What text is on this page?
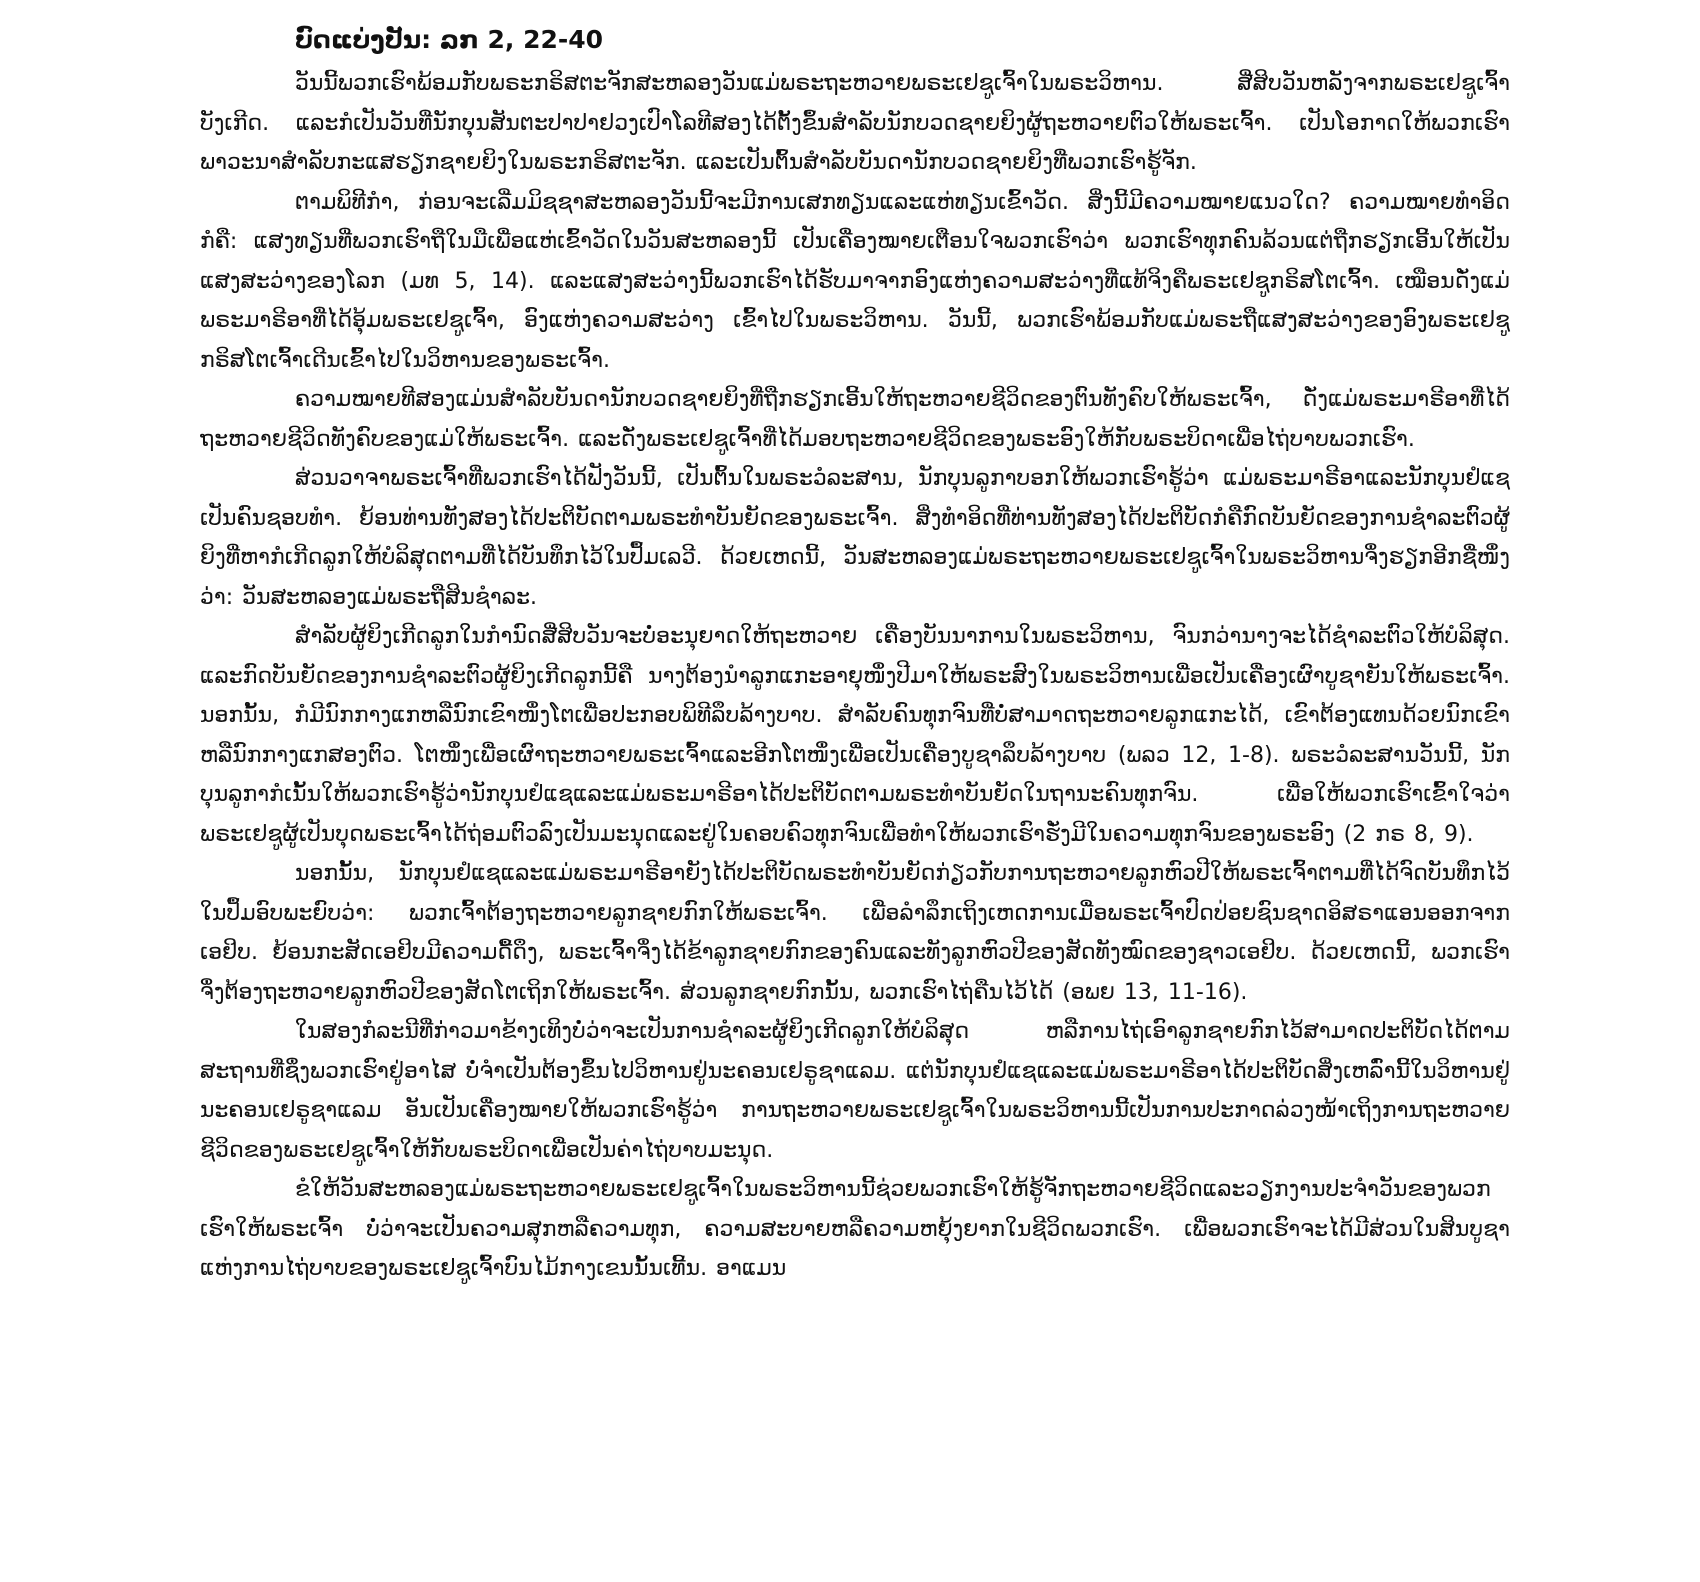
ບົດແບ່ງປັນ: ລກ 2, 22-40

ວັນນີ້ພວກເຮົາພ້ອມກັບພຣະກຣິສຕະຈັກສະຫລອງວັນແມ່ພຣະຖະຫວາຍພຣະເຢຊູເຈົ້າໃນພຣະວິຫານ. ສີ່ສິບວັນຫລັງຈາກພຣະເຢຊູເຈົ້າບັງເກີດ. ແລະກໍເປັນວັນທີ່ນັກບຸນສັນຕະປາປາຢວງເປົາໂລທີສອງໄດ້ຕັ້ງຂຶ້ນສຳລັບນັກບວດຊາຍຍິງຜູ້ຖະຫວາຍຕົວໃຫ້ພຣະເຈົ້າ. ເປັນໂອກາດໃຫ້ພວກເຮົາພາວະນາສຳລັບກະແສຮຽກຊາຍຍິງໃນພຣະກຣິສຕະຈັກ. ແລະເປັນຕົ້ນສຳລັບບັນດານັກບວດຊາຍຍິງທີ່ພວກເຮົາຮູ້ຈັກ.

ຕາມພິທີກຳ, ກ່ອນຈະເລີ່ມມິຊຊາສະຫລອງວັນນີ້ຈະມີການເສກທຽນແລະແຫ່ທຽນເຂົ້າວັດ. ສິ່ງນີ້ມີຄວາມໝາຍແນວໃດ? ຄວາມໝາຍທຳອິດກໍຄື: ແສງທຽນທີ່ພວກເຮົາຖືໃນມືເພື່ອແຫ່ເຂົ້າວັດໃນວັນສະຫລອງນີ້ ເປັນເຄື່ອງໝາຍເຕືອນໃຈພວກເຮົາວ່າ ພວກເຮົາທຸກຄົນລ້ວນແຕ່ຖືກຮຽກເອີ້ນໃຫ້ເປັນແສງສະວ່າງຂອງໂລກ (ມທ 5, 14). ແລະແສງສະວ່າງນີ້ພວກເຮົາໄດ້ຮັບມາຈາກອົງແຫ່ງຄວາມສະວ່າງທີ່ແທ້ຈິງຄືພຣະເຢຊູກຣິສໂຕເຈົ້າ. ເໝືອນດັ່ງແມ່ພຣະມາຣີອາທີ່ໄດ້ອຸ້ມພຣະເຢຊູເຈົ້າ, ອົງແຫ່ງຄວາມສະວ່າງ ເຂົ້າໄປໃນພຣະວິຫານ. ວັນນີ້, ພວກເຮົາພ້ອມກັບແມ່ພຣະຖືແສງສະວ່າງຂອງອົງພຣະເຢຊູກຣິສໂຕເຈົ້າເດີນເຂົ້າໄປໃນວິຫານຂອງພຣະເຈົ້າ.

ຄວາມໝາຍທີສອງແມ່ນສຳລັບບັນດານັກບວດຊາຍຍິງທີ່ຖືກຮຽກເອີ້ນໃຫ້ຖະຫວາຍຊີວິດຂອງຕົນທັງຄົບໃຫ້ພຣະເຈົ້າ, ດັ່ງແມ່ພຣະມາຣີອາທີ່ໄດ້ຖະຫວາຍຊີວິດທັງຄົບຂອງແມ່ໃຫ້ພຣະເຈົ້າ. ແລະດັ່ງພຣະເຢຊູເຈົ້າທີ່ໄດ້ມອບຖະຫວາຍຊີວິດຂອງພຣະອົງໃຫ້ກັບພຣະບິດາເພື່ອໄຖ່ບາບພວກເຮົາ.

ສ່ວນວາຈາພຣະເຈົ້າທີ່ພວກເຮົາໄດ້ຟັງວັນນີ້, ເປັນຕົ້ນໃນພຣະວໍລະສານ, ນັກບຸນລູກາບອກໃຫ້ພວກເຮົາຮູ້ວ່າ ແມ່ພຣະມາຣີອາແລະນັກບຸນຢໍແຊເປັນຄົນຊອບທຳ. ຍ້ອນທ່ານທັງສອງໄດ້ປະຕິບັດຕາມພຣະທຳບັນຍັດຂອງພຣະເຈົ້າ. ສິ່ງທຳອິດທີ່ທ່ານທັງສອງໄດ້ປະຕິບັດກໍຄືກົດບັນຍັດຂອງການຊຳລະຕົວຜູ້ຍິງທີ່ຫາກໍເກີດລູກໃຫ້ບໍລິສຸດຕາມທີ່ໄດ້ບັນທຶກໄວ້ໃນປຶ້ມເລວີ. ດ້ວຍເຫດນີ້, ວັນສະຫລອງແມ່ພຣະຖະຫວາຍພຣະເຢຊູເຈົ້າໃນພຣະວິຫານຈຶ່ງຮຽກອີກຊື່ໜຶ່ງວ່າ: ວັນສະຫລອງແມ່ພຣະຖືສິນຊຳລະ.

ສຳລັບຜູ້ຍິງເກີດລູກໃນກຳນົດສີ່ສິບວັນຈະບໍ່ອະນຸຍາດໃຫ້ຖະຫວາຍ ເຄື່ອງບັນນາການໃນພຣະວິຫານ, ຈົນກວ່ານາງຈະໄດ້ຊຳລະຕົວໃຫ້ບໍລິສຸດ. ແລະກົດບັນຍັດຂອງການຊຳລະຕົວຜູ້ຍິງເກີດລູກນີ້ຄື ນາງຕ້ອງນຳລູກແກະອາຍຸໜຶ່ງປີມາໃຫ້ພຣະສົງໃນພຣະວິຫານເພື່ອເປັນເຄື່ອງເຜົາບູຊາຍັນໃຫ້ພຣະເຈົ້າ. ນອກນັ້ນ, ກໍມີນົກກາງແກຫລືນົກເຂົາໜຶ່ງໂຕເພື່ອປະກອບພິທີລຶບລ້າງບາບ. ສຳລັບຄົນທຸກຈົນທີ່ບໍ່ສາມາດຖະຫວາຍລູກແກະໄດ້, ເຂົາຕ້ອງແທນດ້ວຍນົກເຂົາຫລືນົກກາງແກສອງຕົວ. ໂຕໜຶ່ງເພື່ອເຜົາຖະຫວາຍພຣະເຈົ້າແລະອີກໂຕໜຶ່ງເພື່ອເປັນເຄື່ອງບູຊາລຶບລ້າງບາບ (ພລວ 12, 1-8). ພຣະວໍລະສານວັນນີ້, ນັກບຸນລູກາກໍເນັ້ນໃຫ້ພວກເຮົາຮູ້ວ່ານັກບຸນຢໍແຊແລະແມ່ພຣະມາຣີອາໄດ້ປະຕິບັດຕາມພຣະທຳບັນຍັດໃນຖານະຄົນທຸກຈົນ. ເພື່ອໃຫ້ພວກເຮົາເຂົ້າໃຈວ່າ ພຣະເຢຊູຜູ້ເປັນບຸດພຣະເຈົ້າໄດ້ຖ່ອມຕົວລົງເປັນມະນຸດແລະຢູ່ໃນຄອບຄົວທຸກຈົນເພື່ອທຳໃຫ້ພວກເຮົາຮັ່ງມີໃນຄວາມທຸກຈົນຂອງພຣະອົງ (2 ກຣ 8, 9).

ນອກນັ້ນ, ນັກບຸນຢໍແຊແລະແມ່ພຣະມາຣີອາຍັງໄດ້ປະຕິບັດພຣະທຳບັນຍັດກ່ຽວກັບການຖະຫວາຍລູກຫົວປີໃຫ້ພຣະເຈົ້າຕາມທີ່ໄດ້ຈົດບັນທຶກໄວ້ໃນປຶ້ມອົບພະຍົບວ່າ: ພວກເຈົ້າຕ້ອງຖະຫວາຍລູກຊາຍກົກໃຫ້ພຣະເຈົ້າ. ເພື່ອລຳລຶກເຖິງເຫດການເມື່ອພຣະເຈົ້າປົດປ່ອຍຊົນຊາດອິສຣາແອນອອກຈາກເອຢິບ. ຍ້ອນກະສັດເອຢິບມີຄວາມດື້ດຶງ, ພຣະເຈົ້າຈຶ່ງໄດ້ຂ້າລູກຊາຍກົກຂອງຄົນແລະທັງລູກຫົວປີຂອງສັດທັງໝົດຂອງຊາວເອຢິບ. ດ້ວຍເຫດນີ້, ພວກເຮົາຈຶ່ງຕ້ອງຖະຫວາຍລູກຫົວປີຂອງສັດໂຕເຖິກໃຫ້ພຣະເຈົ້າ. ສ່ວນລູກຊາຍກົກນັ້ນ, ພວກເຮົາໄຖ່ຄືນໄວ້ໄດ້ (ອພຍ 13, 11-16).

ໃນສອງກໍລະນີທີ່ກ່າວມາຂ້າງເທິງບໍ່ວ່າຈະເປັນການຊຳລະຜູ້ຍິງເກີດລູກໃຫ້ບໍລິສຸດ ຫລືການໄຖ່ເອົາລູກຊາຍກົກໄວ້ສາມາດປະຕິບັດໄດ້ຕາມສະຖານທີ່ຊຶ່ງພວກເຮົາຢູ່ອາໄສ ບໍ່ຈຳເປັນຕ້ອງຂຶ້ນໄປວິຫານຢູ່ນະຄອນເຢຣູຊາແລມ. ແຕ່ນັກບຸນຢໍແຊແລະແມ່ພຣະມາຣີອາໄດ້ປະຕິບັດສິ່ງເຫລົ່ານີ້ໃນວິຫານຢູ່ນະຄອນເຢຣູຊາແລມ ອັນເປັນເຄື່ອງໝາຍໃຫ້ພວກເຮົາຮູ້ວ່າ ການຖະຫວາຍພຣະເຢຊູເຈົ້າໃນພຣະວິຫານນີ້ເປັນການປະກາດລ່ວງໜ້າເຖິງການຖະຫວາຍຊີວິດຂອງພຣະເຢຊູເຈົ້າໃຫ້ກັບພຣະບິດາເພື່ອເປັນຄ່າໄຖ່ບາບມະນຸດ.

ຂໍໃຫ້ວັນສະຫລອງແມ່ພຣະຖະຫວາຍພຣະເຢຊູເຈົ້າໃນພຣະວິຫານນີ້ຊ່ວຍພວກເຮົາໃຫ້ຮູ້ຈັກຖະຫວາຍຊີວິດແລະວຽກງານປະຈຳວັນຂອງພວກເຮົາໃຫ້ພຣະເຈົ້າ ບໍ່ວ່າຈະເປັນຄວາມສຸກຫລືຄວາມທຸກ, ຄວາມສະບາຍຫລືຄວາມຫຍຸ້ງຍາກໃນຊີວິດພວກເຮົາ. ເພື່ອພວກເຮົາຈະໄດ້ມີສ່ວນໃນສິນບູຊາແຫ່ງການໄຖ່ບາບຂອງພຣະເຢຊູເຈົ້າບົນໄມ້ກາງເຂນນັ້ນເທີ້ນ. ອາແມນ
